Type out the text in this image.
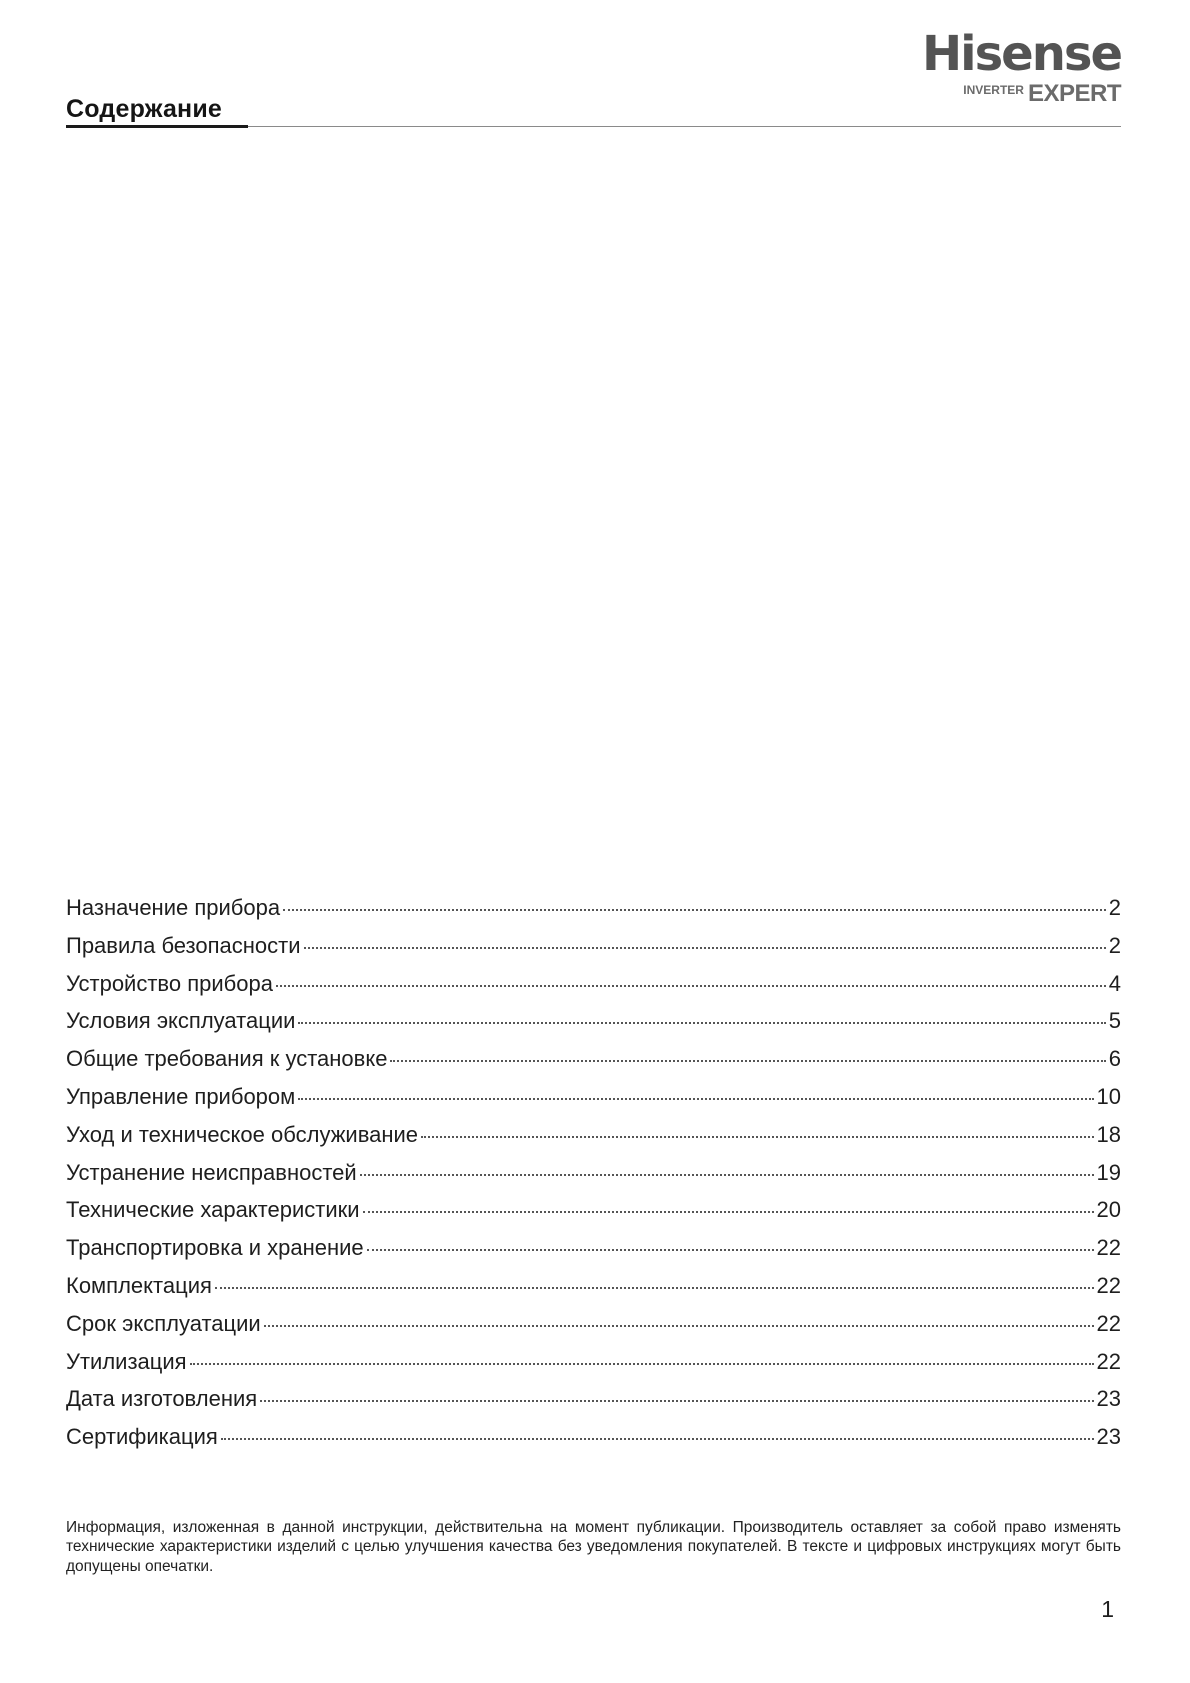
Содержание
Hisense
$^{INVERTER}$ EXPERT
Назначение прибора	2
Правила безопасности	2
Устройство прибора	4
Условия эксплуатации	5
Общие требования к установке	6
Управление прибором	10
Уход и техническое обслуживание	18
Устранение неисправностей	19
Технические характеристики	20
Транспортировка и хранение	22
Комплектация	22
Срок эксплуатации	22
Утилизация	22
Дата изготовления	23
Сертификация	23

Информация, изложенная в данной инструкции, действительна на момент публикации. Производитель оставляет за собой право изменять технические характеристики изделий с целью улучшения качества без уведомления покупателей. В тексте и цифровых инструкциях могут быть допущены опечатки.

1
